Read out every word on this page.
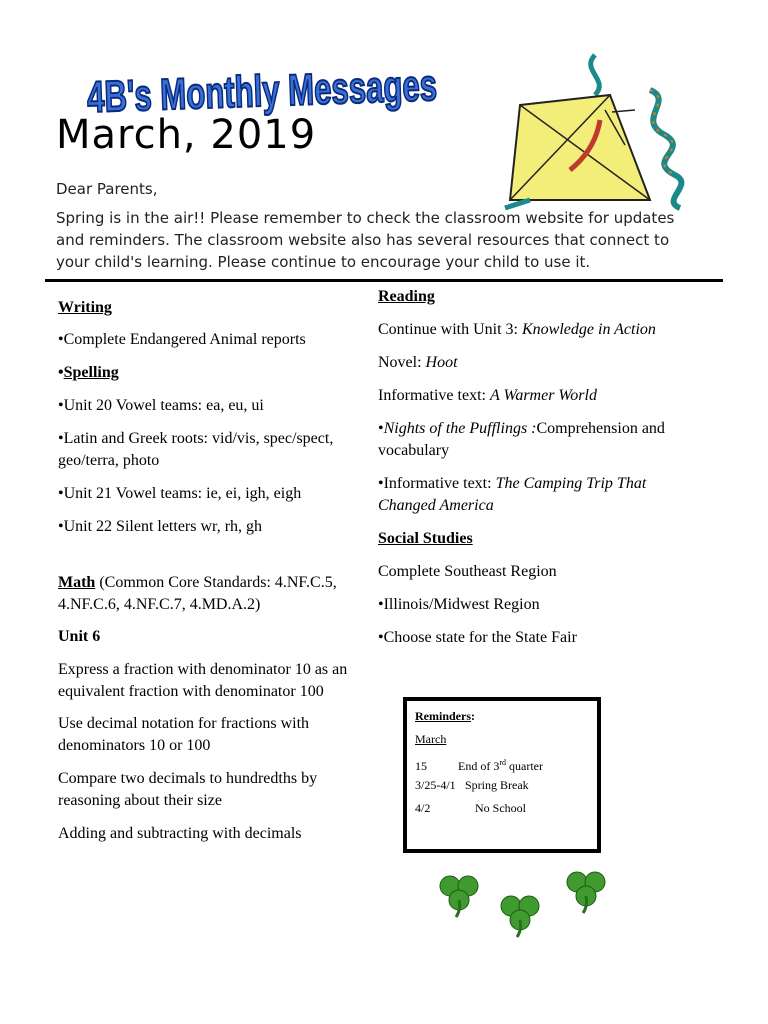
4B's Monthly Messages
March, 2019
Dear Parents,
Spring is in the air!! Please remember to check the classroom website for updates and reminders. The classroom website also has several resources that connect to your child's learning. Please continue to encourage your child to use it.

Writing

•Complete Endangered Animal reports

•Spelling

•Unit 20 Vowel teams: ea, eu, ui

•Latin and Greek roots: vid/vis, spec/spect, geo/terra, photo

•Unit 21 Vowel teams: ie, ei, igh, eigh

•Unit 22 Silent letters wr, rh, gh

Math (Common Core Standards: 4.NF.C.5, 4.NF.C.6, 4.NF.C.7, 4.MD.A.2)

Unit 6

Express a fraction with denominator 10 as an equivalent fraction with denominator 100

Use decimal notation for fractions with denominators 10 or 100

Compare two decimals to hundredths by reasoning about their size

Adding and subtracting with decimals

Reading

Continue with Unit 3: Knowledge in Action

Novel: Hoot

Informative text: A Warmer World

•Nights of the Pufflings :Comprehension and vocabulary

•Informative text: The Camping Trip That Changed America

Social Studies

Complete Southeast Region

•Illinois/Midwest Region

•Choose state for the State Fair

Reminders:
March
15	End of 3rd quarter
3/25-4/1 Spring Break
4/2	No School
